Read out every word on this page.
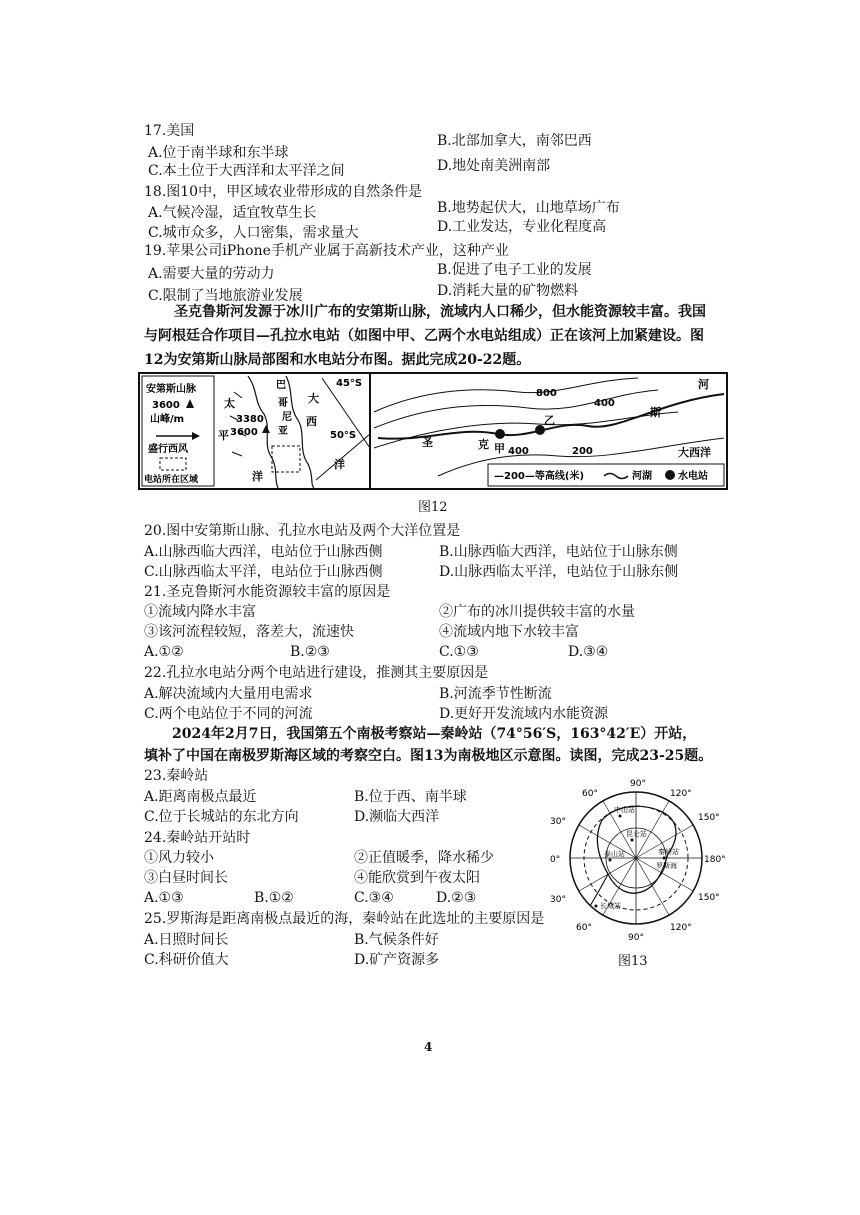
17.美国
B.北部加拿大，南邻巴西
A.位于南半球和东半球
C.本土位于大西洋和太平洋之间	D.地处南美洲南部
18.图10中，甲区域农业带形成的自然条件是
A.气候冷湿，适宜牧草生长	B.地势起伏大，山地草场广布
C.城市众多，人口密集，需求量大	D.工业发达，专业化程度高
19.苹果公司iPhone手机产业属于高新技术产业，这种产业
A.需要大量的劳动力	B.促进了电子工业的发展
C.限制了当地旅游业发展	D.消耗大量的矿物燃料
圣克鲁斯河发源于冰川广布的安第斯山脉，流域内人口稀少，但水能资源较丰富。我国
与阿根廷合作项目—孔拉水电站（如图中甲、乙两个水电站组成）正在该河上加紧建设。图
12为安第斯山脉局部图和水电站分布图。据此完成20-22题。
安第斯山脉
3600
山峰/m
盛行西风
电站所在区域
45°S
50°S
3380
3600
大
太
平
洋
西
洋
巴
哥
尼
亚
800
400
400	200
河
斯
圣	克 甲
乙
大西洋
—200—等高线(米)	河湖	水电站
图12
20.图中安第斯山脉、孔拉水电站及两个大洋位置是
A.山脉西临大西洋，电站位于山脉西侧	B.山脉西临大西洋，电站位于山脉东侧
C.山脉西临太平洋，电站位于山脉西侧	D.山脉西临太平洋，电站位于山脉东侧
21.圣克鲁斯河水能资源较丰富的原因是
①流域内降水丰富	②广布的冰川提供较丰富的水量
③该河流程较短，落差大，流速快	④流域内地下水较丰富
A.①②	B.②③	C.①③	D.③④
22.孔拉水电站分两个电站进行建设，推测其主要原因是
A.解决流域内大量用电需求	B.河流季节性断流
C.两个电站位于不同的河流	D.更好开发流域内水能资源
2024年2月7日，我国第五个南极考察站—秦岭站（74°56′S，163°42′E）开站，
填补了中国在南极罗斯海区域的考察空白。图13为南极地区示意图。读图，完成23-25题。
23.秦岭站
A.距离南极点最近	B.位于西、南半球
C.位于长城站的东北方向	D.濒临大西洋
24.秦岭站开站时
①风力较小	②正值暖季，降水稀少
③白昼时间长	④能欣赏到午夜太阳
A.①③	B.①②	C.③④	D.②③
25.罗斯海是距离南极点最近的海，秦岭站在此选址的主要原因是
A.日照时间长	B.气候条件好
C.科研价值大	D.矿产资源多
90°
60°	120°
30°	150°
0°	180°
30°	150°
60°
90°
120°
中山站
昆仑站
泰山站	秦岭站
罗斯海
长城站
图13
4
